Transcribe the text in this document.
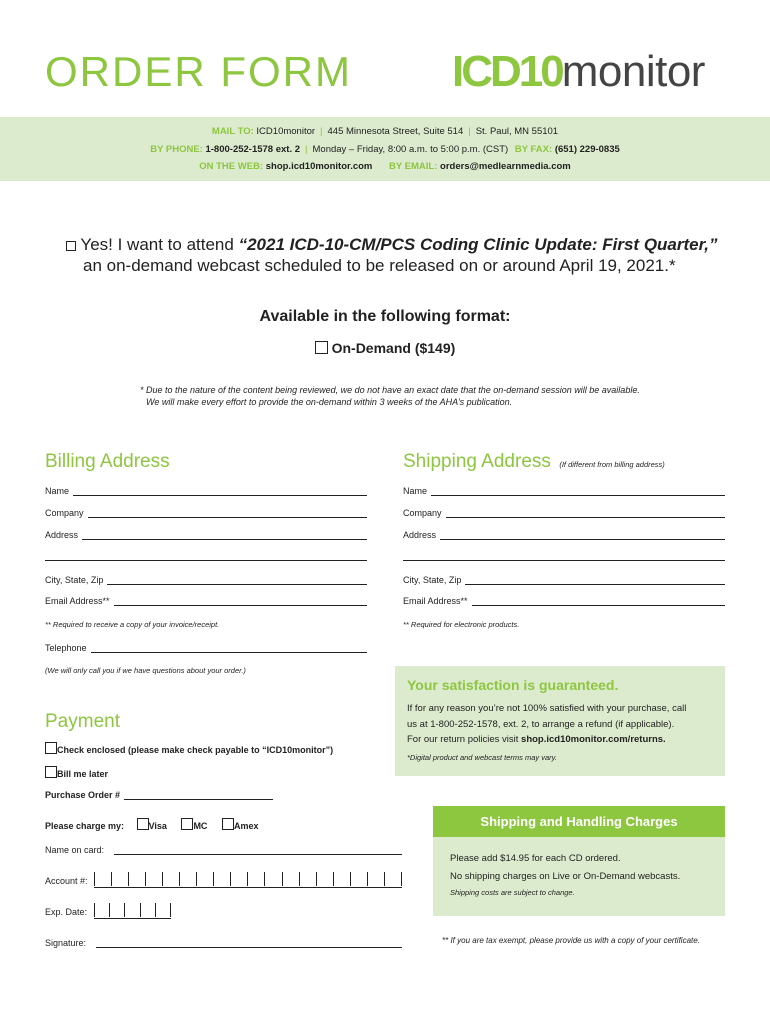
ORDER FORM ICD10 monitor
MAIL TO: ICD10monitor | 445 Minnesota Street, Suite 514 | St. Paul, MN 55101
BY PHONE: 1-800-252-1578 ext. 2 | Monday – Friday, 8:00 a.m. to 5:00 p.m. (CST) BY FAX: (651) 229-0835
ON THE WEB: shop.icd10monitor.com BY EMAIL: orders@medlearnmedia.com
Yes! I want to attend “2021 ICD-10-CM/PCS Coding Clinic Update: First Quarter,”
an on-demand webcast scheduled to be released on or around April 19, 2021.*
Available in the following format:
On-Demand ($149)
* Due to the nature of the content being reviewed, we do not have an exact date that the on-demand session will be available.
We will make every effort to provide the on-demand within 3 weeks of the AHA’s publication.
Billing Address
Name
Company
Address
City, State, Zip
Email Address**
** Required to receive a copy of your invoice/receipt.
Telephone
(We will only call you if we have questions about your order.)
Shipping Address (If different from billing address)
Name
Company
Address
City, State, Zip
Email Address**
** Required for electronic products.
Your satisfaction is guaranteed.
If for any reason you’re not 100% satisfied with your purchase, call
us at 1-800-252-1578, ext. 2, to arrange a refund (if applicable).
For our return policies visit shop.icd10monitor.com/returns.
*Digital product and webcast terms may vary.
Payment
Check enclosed (please make check payable to “ICD10monitor”)
Bill me later
Purchase Order #
Please charge my:	Visa	MC	Amex
Name on card:
Account #:
Exp. Date:
Signature:
Shipping and Handling Charges
Please add $14.95 for each CD ordered.
No shipping charges on Live or On-Demand webcasts.
Shipping costs are subject to change.
** If you are tax exempt, please provide us with a copy of your certificate.
